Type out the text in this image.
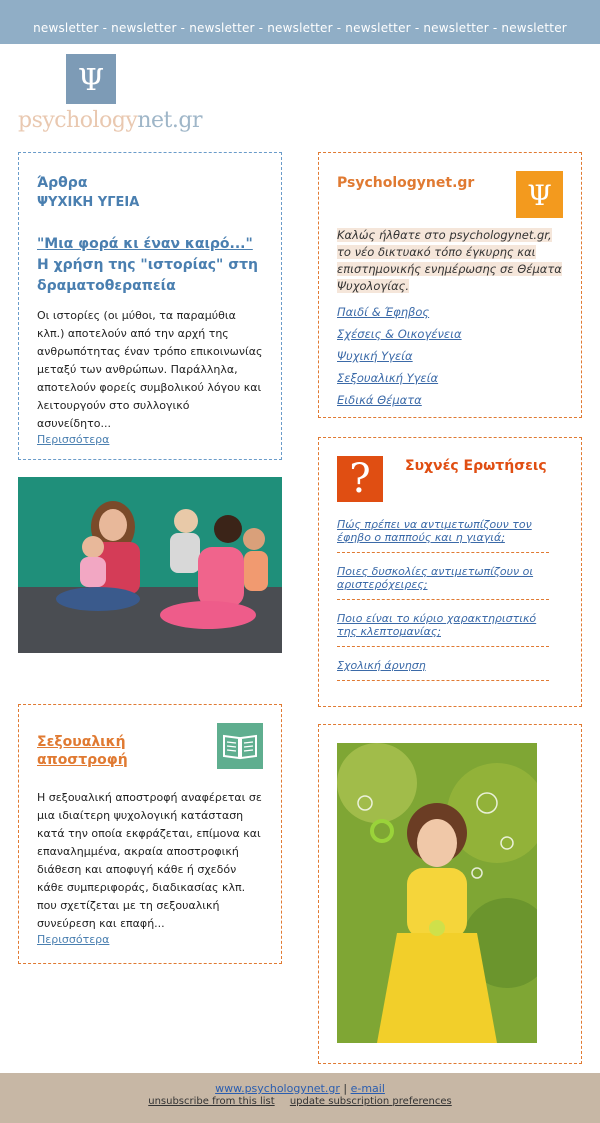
newsletter - newsletter - newsletter - newsletter - newsletter - newsletter - newsletter
Ψ
psychologynet.gr
Άρθρα
ΨΥΧΙΚΗ ΥΓΕΙΑ
"Μια φορά κι έναν καιρό..."
Η χρήση της "ιστορίας" στη δραματοθεραπεία
Οι ιστορίες (οι μύθοι, τα παραμύθια κλπ.) αποτελούν από την αρχή της ανθρωπότητας έναν τρόπο επικοινωνίας μεταξύ των ανθρώπων. Παράλληλα, αποτελούν φορείς συμβολικού λόγου και λειτουργούν στο συλλογικό ασυνείδητο...
Περισσότερα
Σεξουαλική αποστροφή
Η σεξουαλική αποστροφή αναφέρεται σε μια ιδιαίτερη ψυχολογική κατάσταση κατά την οποία εκφράζεται, επίμονα και επαναλημμένα, ακραία αποστροφική διάθεση και αποφυγή κάθε ή σχεδόν κάθε συμπεριφοράς, διαδικασίας κλπ. που σχετίζεται με τη σεξουαλική συνεύρεση και επαφή...
Περισσότερα
Psychologynet.gr	Ψ
Καλώς ήλθατε στο psychologynet.gr, το νέο δικτυακό τόπο έγκυρης και επιστημονικής ενημέρωσης σε Θέματα Ψυχολογίας.
Παιδί & Έφηβος
Σχέσεις & Οικογένεια
Ψυχική Υγεία
Σεξουαλική Υγεία
Ειδικά Θέματα
?	Συχνές Ερωτήσεις
Πώς πρέπει να αντιμετωπίζουν τον έφηβο ο παππούς και η γιαγιά;
Ποιες δυσκολίες αντιμετωπίζουν οι αριστερόχειρες;
Ποιο είναι το κύριο χαρακτηριστικό της κλεπτομανίας;
Σχολική άρνηση
www.psychologynet.gr | e-mail
unsubscribe from this list update subscription preferences
